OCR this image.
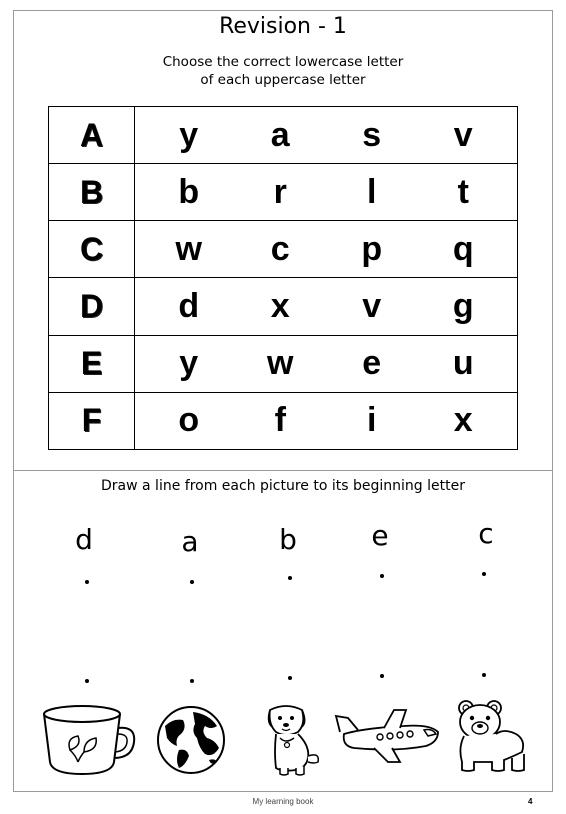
Revision - 1
Choose the correct lowercase letter
of each uppercase letter
A	y a s v

B	b r l t

C	w c p q

D	d x v g

E	y w e u

F	o f i x
Draw a line from each picture to its beginning letter
d	a	b	e	c
My learning book	4
